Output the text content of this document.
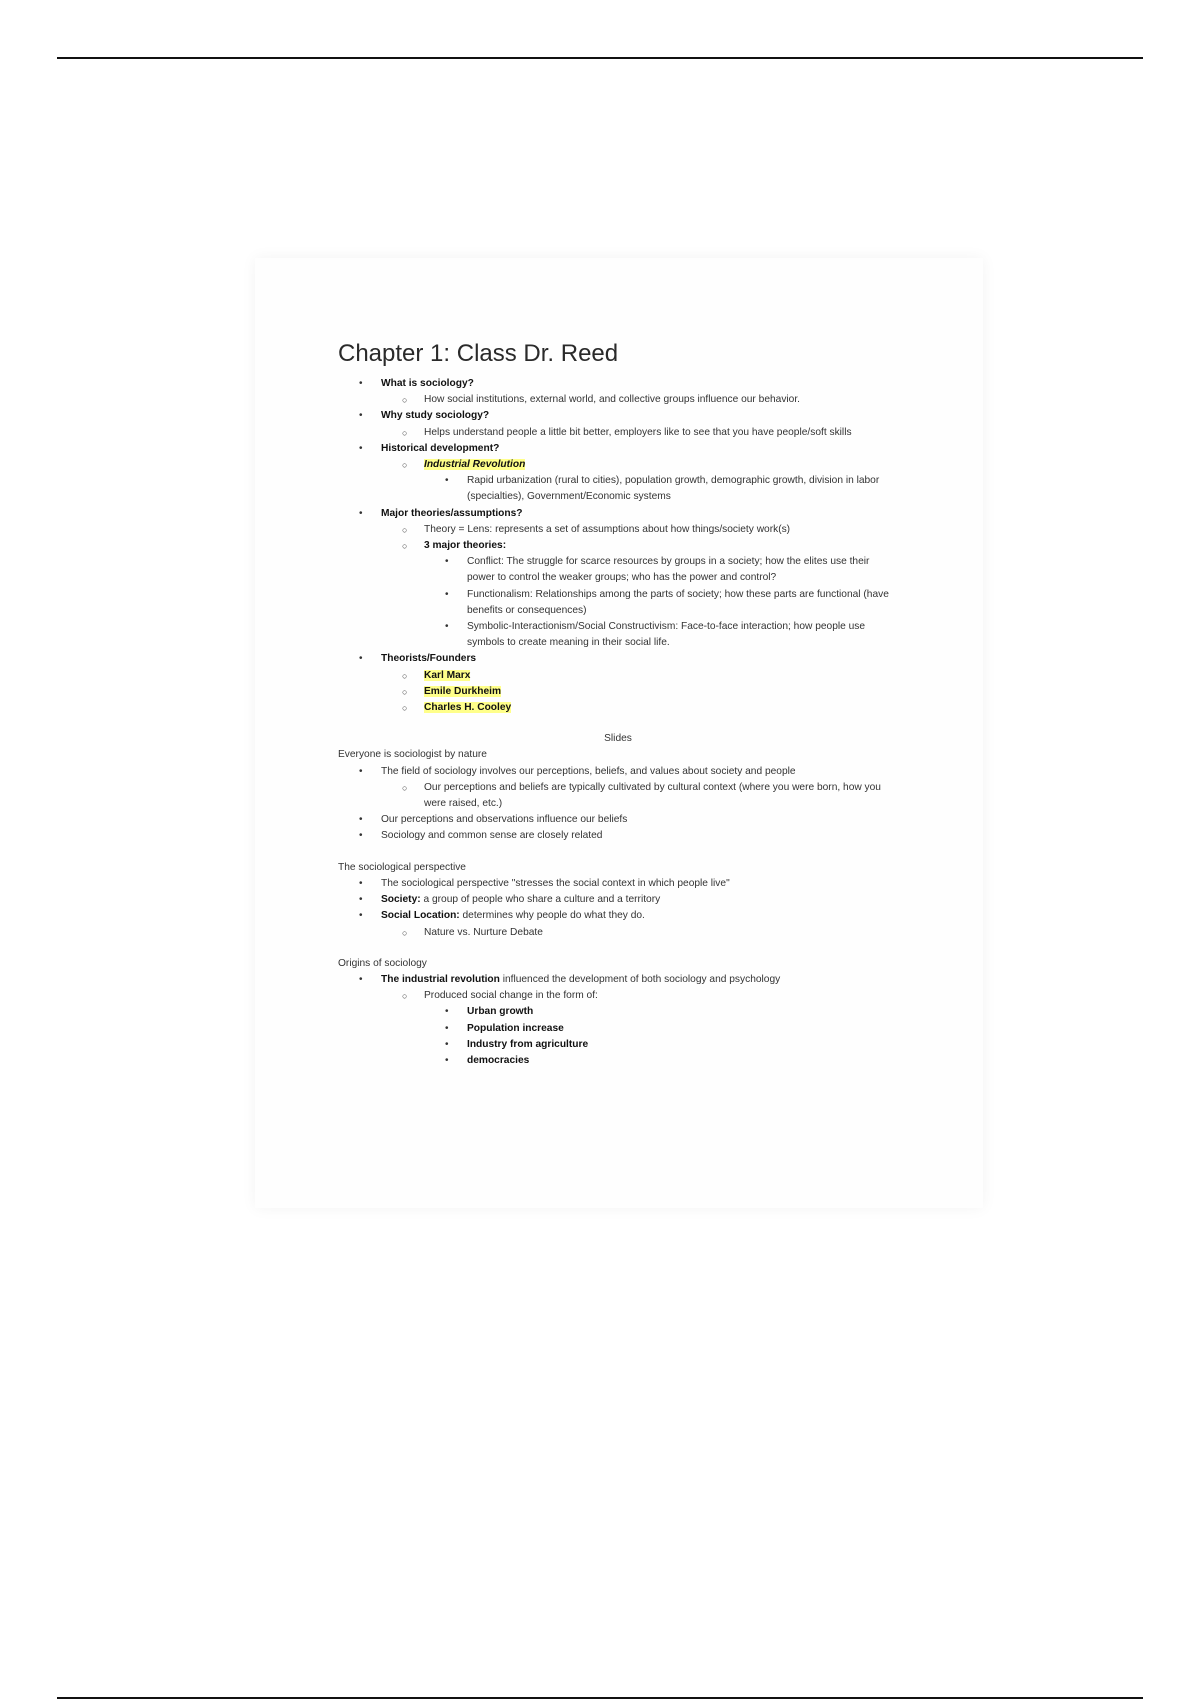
Chapter 1: Class Dr. Reed
• What is sociology?
○ How social institutions, external world, and collective groups influence our behavior.
• Why study sociology?
○ Helps understand people a little bit better, employers like to see that you have people/soft skills
• Historical development?
○ Industrial Revolution
• Rapid urbanization (rural to cities), population growth, demographic growth, division in labor (specialties), Government/Economic systems
• Major theories/assumptions?
○ Theory = Lens: represents a set of assumptions about how things/society work(s)
○ 3 major theories:
• Conflict: The struggle for scarce resources by groups in a society; how the elites use their power to control the weaker groups; who has the power and control?
• Functionalism: Relationships among the parts of society; how these parts are functional (have benefits or consequences)
• Symbolic-Interactionism/Social Constructivism: Face-to-face interaction; how people use symbols to create meaning in their social life.
• Theorists/Founders
○ Karl Marx
○ Emile Durkheim
○ Charles H. Cooley
Slides
Everyone is sociologist by nature
• The field of sociology involves our perceptions, beliefs, and values about society and people
○ Our perceptions and beliefs are typically cultivated by cultural context (where you were born, how you were raised, etc.)
• Our perceptions and observations influence our beliefs
• Sociology and common sense are closely related
The sociological perspective
• The sociological perspective "stresses the social context in which people live"
• Society: a group of people who share a culture and a territory
• Social Location: determines why people do what they do.
○ Nature vs. Nurture Debate
Origins of sociology
• The industrial revolution influenced the development of both sociology and psychology
○ Produced social change in the form of:
• Urban growth
• Population increase
• Industry from agriculture
• democracies
